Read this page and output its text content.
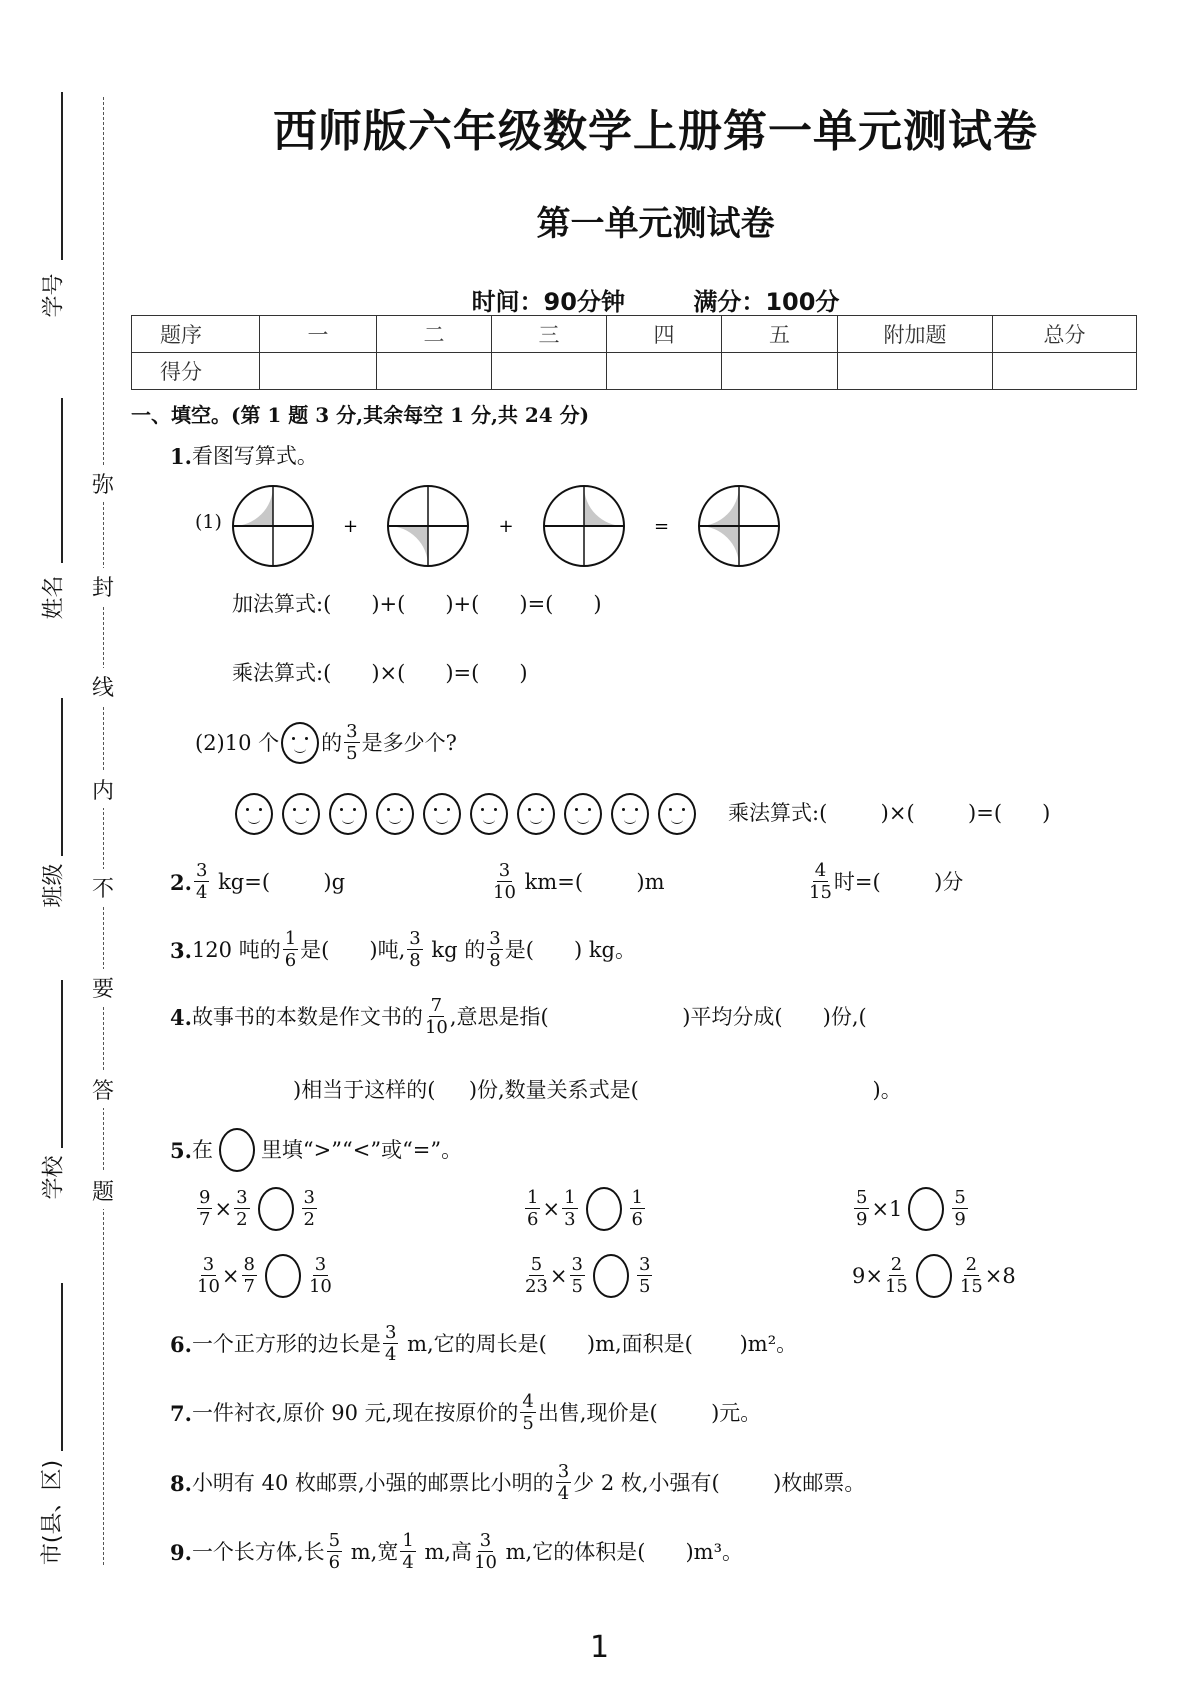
学号
姓名
班级
学校
市(县、区)
弥
封
线
内
不
要
答
题
西师版六年级数学上册第一单元测试卷
第一单元测试卷
时间：90分钟	满分：100分
题序	一	二	三	四	五	附加题	总分
得分							
一、填空。(第 1 题 3 分,其余每空 1 分,共 24 分)
1. 看图写算式。
(1)	+	+	=
加法算式:(      )+(      )+(      )=(      )
乘法算式:(      )×(      )=(      )
(2)10 个 的 $\frac{3}{5}$ 是多少个?
乘法算式:(        )×(        )=(      )
2. $\frac{3}{4} kg=$(        )g	$\frac{3}{10} km=$(        )m	$\frac{4}{15}$ 时=(        )分
3. 120 吨的 $\frac{1}{6}$ 是(      )吨, $\frac{3}{8}$ kg 的 $\frac{3}{8}$ 是(      ) kg。
4. 故事书的本数是作文书的 $\frac{7}{10}$ ,意思是指(                    )平均分成(      )份,(
)相当于这样的(     )份,数量关系式是(                                   )。
5. 在 里填“>”“<”或“=”。
$\frac{9}{7} \times \frac{3}{2}$	$\frac{3}{2}$	$\frac{1}{6} \times \frac{1}{3}$	$\frac{1}{6}$	$\frac{5}{9} \times 1$	$\frac{5}{9}$
$\frac{3}{10} \times \frac{8}{7}$	$\frac{3}{10}$	$\frac{5}{23} \times \frac{3}{5}$	$\frac{3}{5}$	$9\times \frac{2}{15}$	$\frac{2}{15} \times 8$
6. 一个正方形的边长是 $\frac{3}{4} m$,它的周长是(      )m,面积是(       )m²。
7. 一件衬衣,原价 90 元,现在按原价的 $\frac{4}{5}$ 出售,现价是(        )元。
8. 小明有 40 枚邮票,小强的邮票比小明的 $\frac{3}{4}$ 少 2 枚,小强有(        )枚邮票。
9. 一个长方体,长 $\frac{5}{6} m$,宽 $\frac{1}{4} m$,高 $\frac{3}{10} m$,它的体积是(      )m³。
1
